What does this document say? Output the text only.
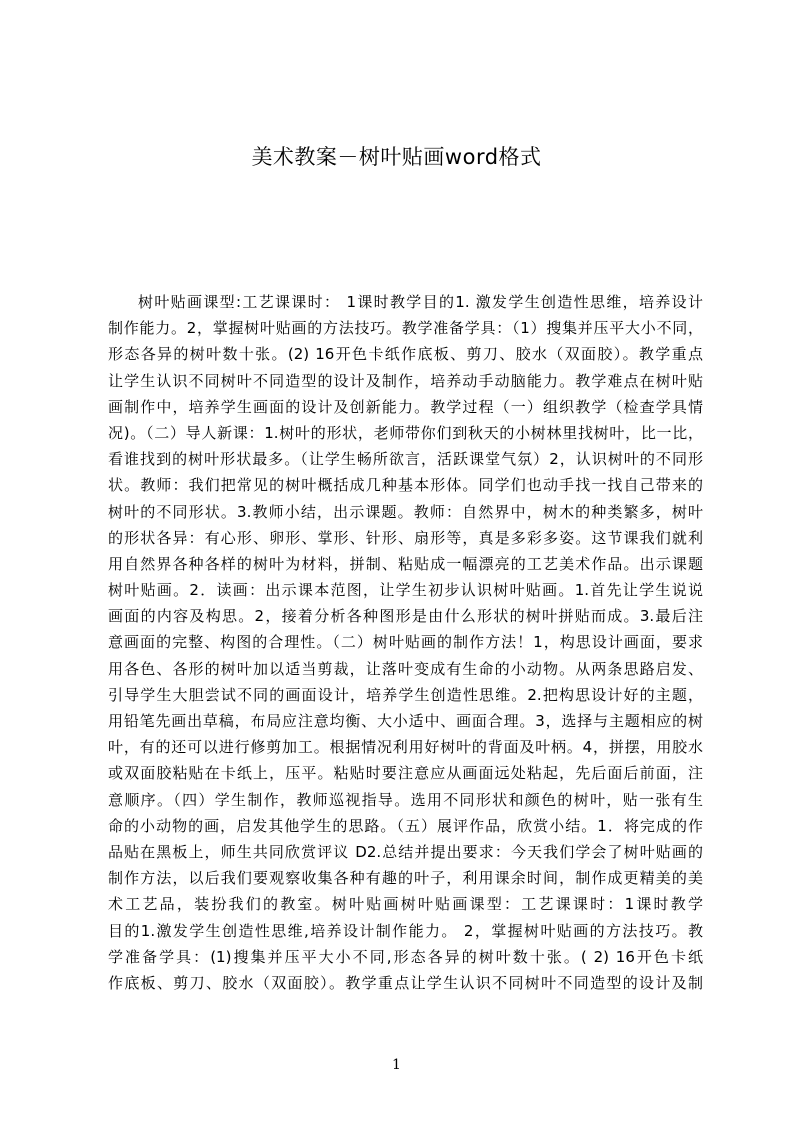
美术教案－树叶贴画word格式
树叶贴画课型:工艺课课时： 1课时教学目的1. 激发学生创造性思维，培养设计
制作能力。2，掌握树叶贴画的方法技巧。教学准备学具：（1）搜集并压平大小不同，
形态各异的树叶数十张。(2) 16开色卡纸作底板、剪刀、胶水（双面胶）。教学重点
让学生认识不同树叶不同造型的设计及制作，培养动手动脑能力。教学难点在树叶贴
画制作中，培养学生画面的设计及创新能力。教学过程（一）组织教学（检查学具情
况)。（二）导人新课：1.树叶的形状，老师带你们到秋天的小树林里找树叶，比一比，
看谁找到的树叶形状最多。（让学生畅所欲言，活跃课堂气氛）2，认识树叶的不同形
状。教师：我们把常见的树叶概括成几种基本形体。同学们也动手找一找自己带来的
树叶的不同形状。3.教师小结，出示课题。教师：自然界中，树木的种类繁多，树叶
的形状各异：有心形、卵形、掌形、针形、扇形等，真是多彩多姿。这节课我们就利
用自然界各种各样的树叶为材料，拼制、粘贴成一幅漂亮的工艺美术作品。出示课题
树叶贴画。2．读画：出示课本范图，让学生初步认识树叶贴画。1.首先让学生说说
画面的内容及构思。2，接着分析各种图形是由什么形状的树叶拼贴而成。3.最后注
意画面的完整、构图的合理性。（二）树叶贴画的制作方法！1，构思设计画面，要求
用各色、各形的树叶加以适当剪裁，让落叶变成有生命的小动物。从两条思路启发、
引导学生大胆尝试不同的画面设计，培养学生创造性思维。2.把构思设计好的主题，
用铅笔先画出草稿，布局应注意均衡、大小适中、画面合理。3，选择与主题相应的树
叶，有的还可以进行修剪加工。根据情况利用好树叶的背面及叶柄。4，拼摆，用胶水
或双面胶粘贴在卡纸上，压平。粘贴时要注意应从画面远处粘起，先后面后前面，注
意顺序。（四）学生制作，教师巡视指导。选用不同形状和颜色的树叶，贴一张有生
命的小动物的画，启发其他学生的思路。（五）展评作品，欣赏小结。1．将完成的作
品贴在黑板上，师生共同欣赏评议 D2.总结并提出要求：今天我们学会了树叶贴画的
制作方法，以后我们要观察收集各种有趣的叶子，利用课余时间，制作成更精美的美
术工艺品，装扮我们的教室。树叶贴画树叶贴画课型：工艺课课时：1课时教学
目的1.激发学生创造性思维,培养设计制作能力。 2，掌握树叶贴画的方法技巧。教
学准备学具：(1)搜集并压平大小不同,形态各异的树叶数十张。( 2) 16开色卡纸
作底板、剪刀、胶水（双面胶）。教学重点让学生认识不同树叶不同造型的设计及制
1
